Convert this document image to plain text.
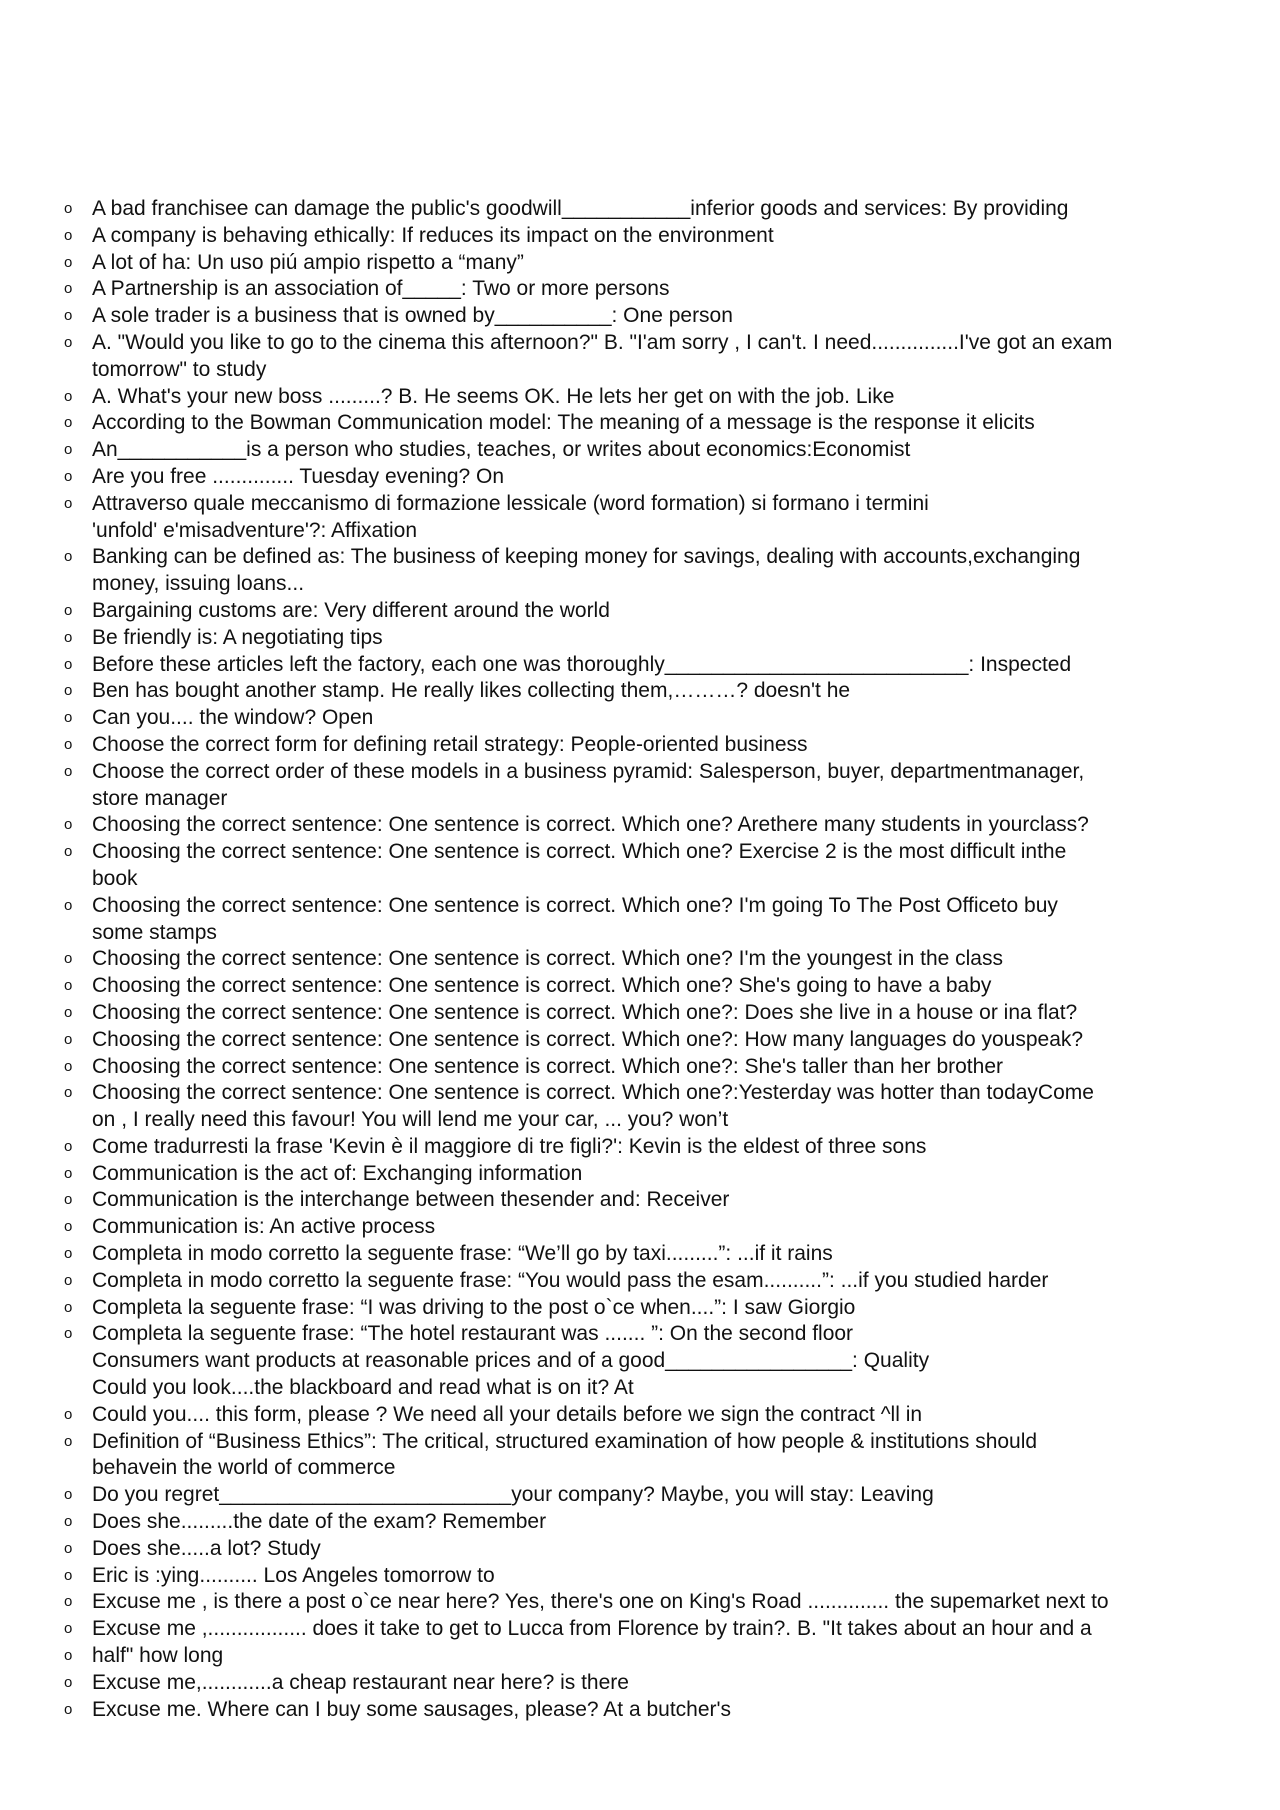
o A bad franchisee can damage the public's goodwill___________inferior goods and services: By providing
o A company is behaving ethically: If reduces its impact on the environment
o A lot of ha: Un uso piú ampio rispetto a “many”
o A Partnership is an association of_____: Two or more persons
o A sole trader is a business that is owned by__________: One person
o A. "Would you like to go to the cinema this afternoon?" B. "I'am sorry , I can't. I need...............I've got an exam
tomorrow" to study
o A. What's your new boss .........? B. He seems OK. He lets her get on with the job. Like
o According to the Bowman Communication model: The meaning of a message is the response it elicits
o An___________is a person who studies, teaches, or writes about economics:Economist
o Are you free .............. Tuesday evening? On
o Attraverso quale meccanismo di formazione lessicale (word formation) si formano i termini
'unfold' e'misadventure'?: Affixation
o Banking can be defined as: The business of keeping money for savings, dealing with accounts,exchanging
money, issuing loans...
o Bargaining customs are: Very different around the world
o Be friendly is: A negotiating tips
o Before these articles left the factory, each one was thoroughly__________________________: Inspected
o Ben has bought another stamp. He really likes collecting them,………? doesn't he
o Can you.... the window? Open
o Choose the correct form for defining retail strategy: People-oriented business
o Choose the correct order of these models in a business pyramid: Salesperson, buyer, departmentmanager,
store manager
o Choosing the correct sentence: One sentence is correct. Which one? Arethere many students in yourclass?
o Choosing the correct sentence: One sentence is correct. Which one? Exercise 2 is the most difficult inthe
book
o Choosing the correct sentence: One sentence is correct. Which one? I'm going To The Post Officeto buy
some stamps
o Choosing the correct sentence: One sentence is correct. Which one? I'm the youngest in the class
o Choosing the correct sentence: One sentence is correct. Which one? She's going to have a baby
o Choosing the correct sentence: One sentence is correct. Which one?: Does she live in a house or ina flat?
o Choosing the correct sentence: One sentence is correct. Which one?: How many languages do youspeak?
o Choosing the correct sentence: One sentence is correct. Which one?: She's taller than her brother
o Choosing the correct sentence: One sentence is correct. Which one?:Yesterday was hotter than todayCome
on , I really need this favour! You will lend me your car, ... you? won’t
o Come tradurresti la frase 'Kevin è il maggiore di tre figli?': Kevin is the eldest of three sons
o Communication is the act of: Exchanging information
o Communication is the interchange between thesender and: Receiver
o Communication is: An active process
o Completa in modo corretto la seguente frase: “We’ll go by taxi.........”: ...if it rains
o Completa in modo corretto la seguente frase: “You would pass the esam..........”: ...if you studied harder
o Completa la seguente frase: “I was driving to the post o`ce when....”: I saw Giorgio
o Completa la seguente frase: “The hotel restaurant was ....... ”: On the second floor
Consumers want products at reasonable prices and of a good________________: Quality
Could you look....the blackboard and read what is on it? At
o Could you.... this form, please ? We need all your details before we sign the contract ^ll in
o Definition of “Business Ethics”: The critical, structured examination of how people & institutions should
behavein the world of commerce
o Do you regret_________________________your company? Maybe, you will stay: Leaving
o Does she.........the date of the exam? Remember
o Does she.....a lot? Study
o Eric is :ying.......... Los Angeles tomorrow to
o Excuse me , is there a post o`ce near here? Yes, there's one on King's Road .............. the supemarket next to
o Excuse me ,................. does it take to get to Lucca from Florence by train?. B. "It takes about an hour and a
o half" how long
o Excuse me,............a cheap restaurant near here? is there
o Excuse me. Where can I buy some sausages, please? At a butcher's
